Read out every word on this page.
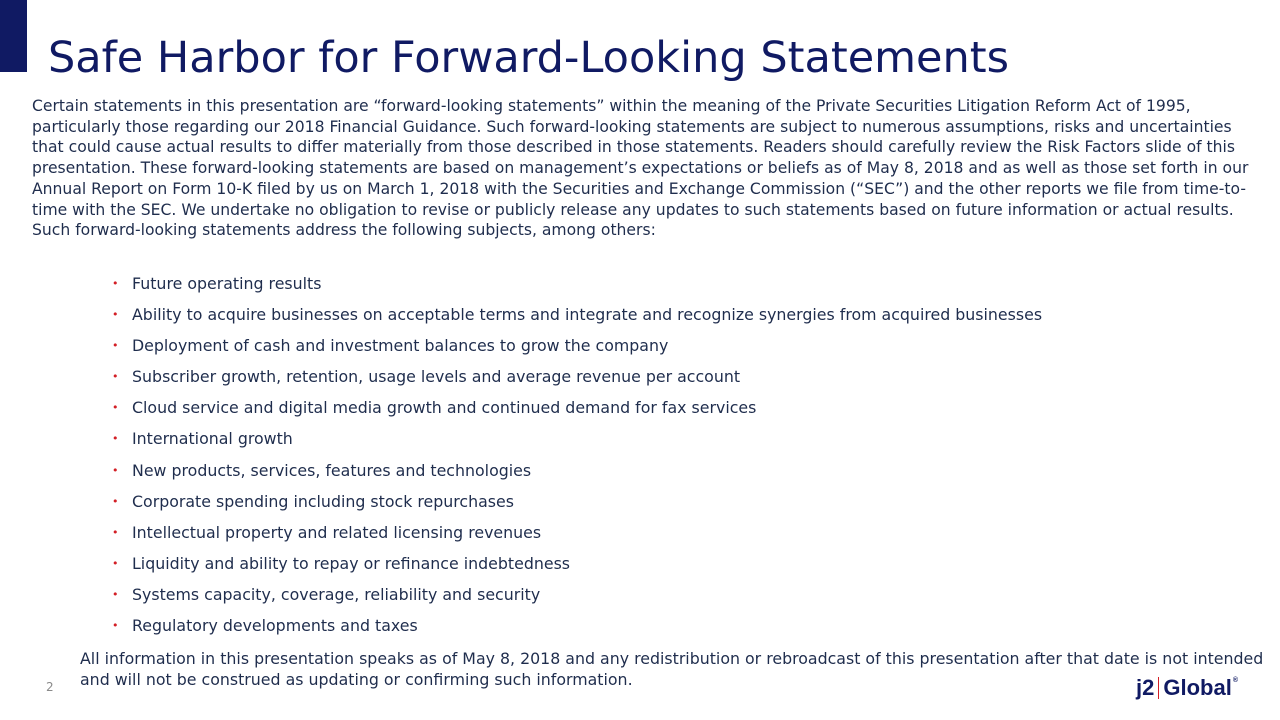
Safe Harbor for Forward-Looking Statements

Certain statements in this presentation are “forward-looking statements” within the meaning of the Private Securities Litigation Reform Act of 1995, particularly those regarding our 2018 Financial Guidance. Such forward-looking statements are subject to numerous assumptions, risks and uncertainties that could cause actual results to differ materially from those described in those statements. Readers should carefully review the Risk Factors slide of this presentation. These forward-looking statements are based on management’s expectations or beliefs as of May 8, 2018 and as well as those set forth in our Annual Report on Form 10-K filed by us on March 1, 2018 with the Securities and Exchange Commission (“SEC”) and the other reports we file from time-to-time with the SEC. We undertake no obligation to revise or publicly release any updates to such statements based on future information or actual results. Such forward-looking statements address the following subjects, among others:

• Future operating results
• Ability to acquire businesses on acceptable terms and integrate and recognize synergies from acquired businesses
• Deployment of cash and investment balances to grow the company
• Subscriber growth, retention, usage levels and average revenue per account
• Cloud service and digital media growth and continued demand for fax services
• International growth
• New products, services, features and technologies
• Corporate spending including stock repurchases
• Intellectual property and related licensing revenues
• Liquidity and ability to repay or refinance indebtedness
• Systems capacity, coverage, reliability and security
• Regulatory developments and taxes

All information in this presentation speaks as of May 8, 2018 and any redistribution or rebroadcast of this presentation after that date is not intended and will not be construed as updating or confirming such information.

2	j2 Global ®
